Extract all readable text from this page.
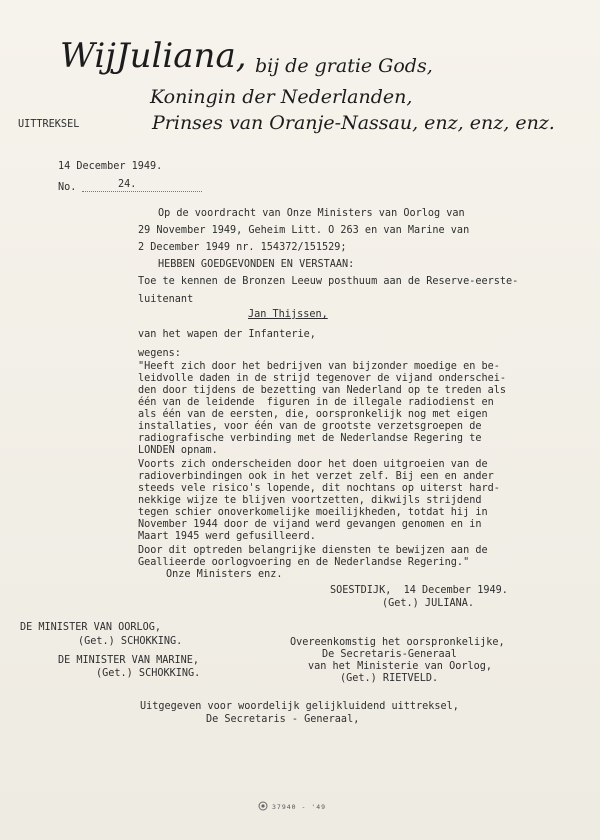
Wij Juliana, bij de gratie Gods,
Koningin der Nederlanden,
Prinses van Oranje-Nassau, enz, enz, enz.
UITTREKSEL
14 December 1949.
No.	24.
Op de voordracht van Onze Ministers van Oorlog van
29 November 1949, Geheim Litt. O 263 en van Marine van
2 December 1949 nr. 154372/151529;
HEBBEN GOEDGEVONDEN EN VERSTAAN:
Toe te kennen de Bronzen Leeuw posthuum aan de Reserve-eerste-
luitenant
Jan Thijssen,
van het wapen der Infanterie,
wegens:
"Heeft zich door het bedrijven van bijzonder moedige en be-
leidvolle daden in de strijd tegenover de vijand onderschei-
den door tijdens de bezetting van Nederland op te treden als
één van de leidende  figuren in de illegale radiodienst en
als één van de eersten, die, oorspronkelijk nog met eigen
installaties, voor één van de grootste verzetsgroepen de
radiografische verbinding met de Nederlandse Regering te
LONDEN opnam.
Voorts zich onderscheiden door het doen uitgroeien van de
radioverbindingen ook in het verzet zelf. Bij een en ander
steeds vele risico's lopende, dit nochtans op uiterst hard-
nekkige wijze te blijven voortzetten, dikwijls strijdend
tegen schier onoverkomelijke moeilijkheden, totdat hij in
November 1944 door de vijand werd gevangen genomen en in
Maart 1945 werd gefusilleerd.
Door dit optreden belangrijke diensten te bewijzen aan de
Geallieerde oorlogvoering en de Nederlandse Regering."
Onze Ministers enz.
SOESTDIJK,  14 December 1949.
(Get.) JULIANA.
DE MINISTER VAN OORLOG,
(Get.) SCHOKKING.	Overeenkomstig het oorspronkelijke,
De Secretaris-Generaal
van het Ministerie van Oorlog,
(Get.) RIETVELD.
DE MINISTER VAN MARINE,
(Get.) SCHOKKING.
Uitgegeven voor woordelijk gelijkluidend uittreksel,
De Secretaris - Generaal,
37940 - '49
